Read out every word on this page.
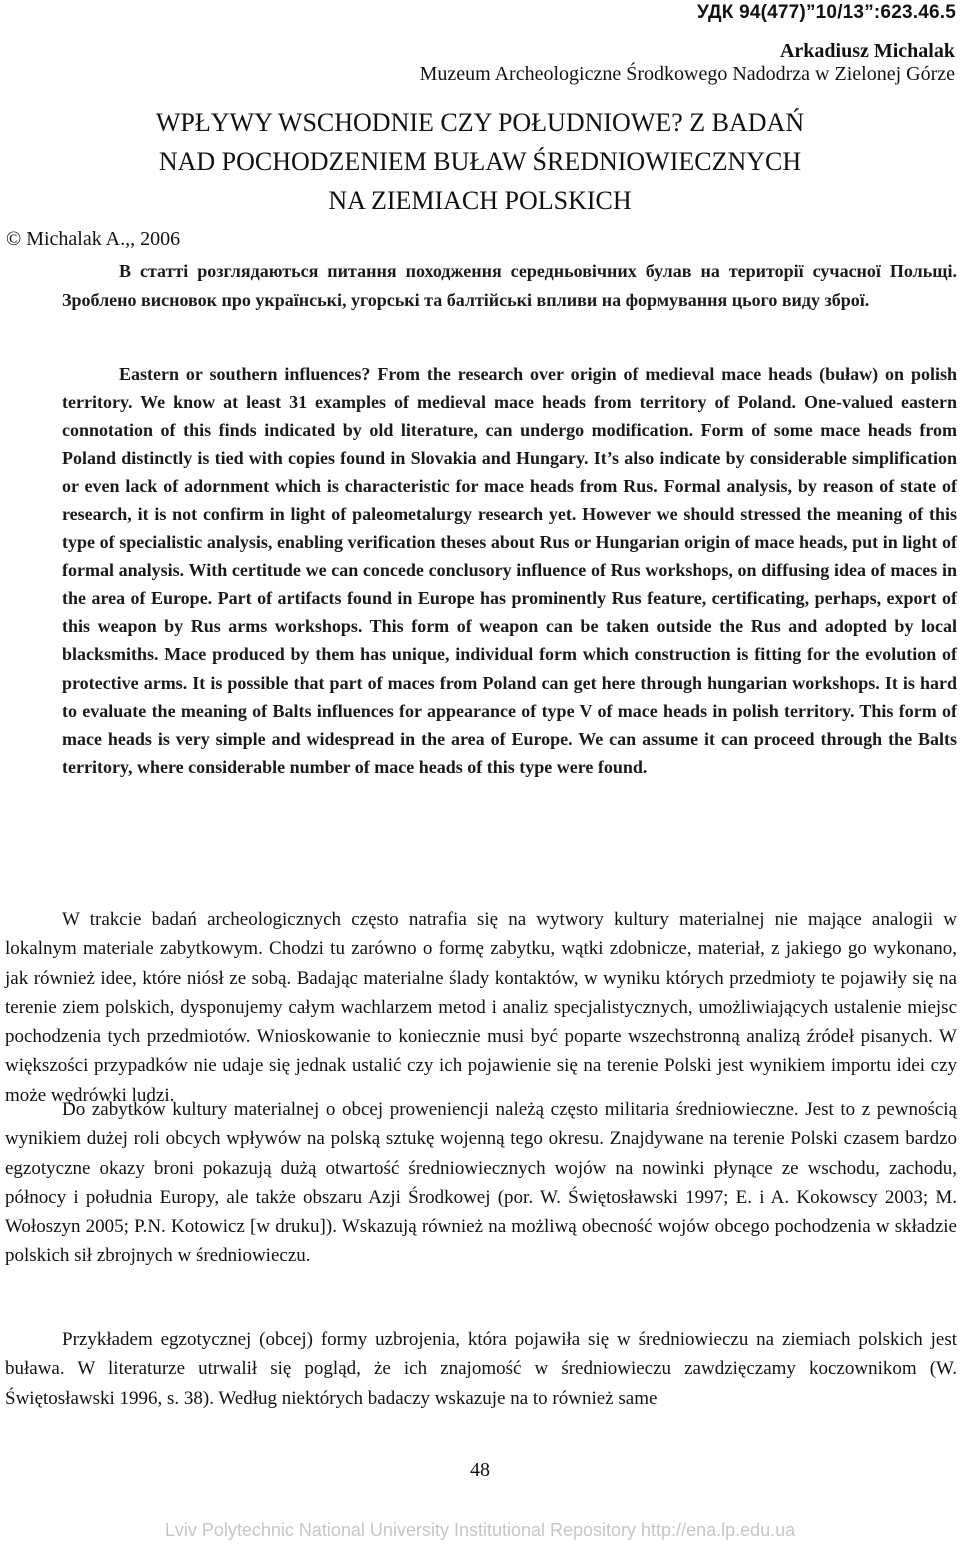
УДК 94(477)”10/13”:623.46.5
Arkadiusz Michalak
Muzeum Archeologiczne Środkowego Nadodrza w Zielonej Górze
WPŁYWY WSCHODNIE CZY POŁUDNIOWE? Z BADAŃ
NAD POCHODZENIEM BUŁAW ŚREDNIOWIECZNYCH
NA ZIEMIACH POLSKICH
© Michalak A.,, 2006
В статті розглядаються питання походження середньовічних булав на території сучасної Польщі. Зроблено висновок про українські, угорські та балтійські впливи на формування цього виду зброї.
Eastern or southern influences? From the research over origin of medieval mace heads (buław) on polish territory. We know at least 31 examples of medieval mace heads from territory of Poland. One-valued eastern connotation of this finds indicated by old literature, can undergo modification. Form of some mace heads from Poland distinctly is tied with copies found in Slovakia and Hungary. It’s also indicate by considerable simplification or even lack of adornment which is characteristic for mace heads from Rus. Formal analysis, by reason of state of research, it is not confirm in light of paleometalurgy research yet. However we should stressed the meaning of this type of specialistic analysis, enabling verification theses about Rus or Hungarian origin of mace heads, put in light of formal analysis. With certitude we can concede conclusory influence of Rus workshops, on diffusing idea of maces in the area of Europe. Part of artifacts found in Europe has prominently Rus feature, certificating, perhaps, export of this weapon by Rus arms workshops. This form of weapon can be taken outside the Rus and adopted by local blacksmiths. Mace produced by them has unique, individual form which construction is fitting for the evolution of protective arms. It is possible that part of maces from Poland can get here through hungarian workshops. It is hard to evaluate the meaning of Balts influences for appearance of type V of mace heads in polish territory. This form of mace heads is very simple and widespread in the area of Europe. We can assume it can proceed through the Balts territory, where considerable number of mace heads of this type were found.
W trakcie badań archeologicznych często natrafia się na wytwory kultury materialnej nie mające analogii w lokalnym materiale zabytkowym. Chodzi tu zarówno o formę zabytku, wątki zdobnicze, materiał, z jakiego go wykonano, jak również idee, które niósł ze sobą. Badając materialne ślady kontaktów, w wyniku których przedmioty te pojawiły się na terenie ziem polskich, dysponujemy całym wachlarzem metod i analiz specjalistycznych, umożliwiających ustalenie miejsc pochodzenia tych przedmiotów. Wnioskowanie to koniecznie musi być poparte wszechstronną analizą źródeł pisanych. W większości przypadków nie udaje się jednak ustalić czy ich pojawienie się na terenie Polski jest wynikiem importu idei czy może wędrówki ludzi.
Do zabytków kultury materialnej o obcej proweniencji należą często militaria średniowieczne. Jest to z pewnością wynikiem dużej roli obcych wpływów na polską sztukę wojenną tego okresu. Znajdywane na terenie Polski czasem bardzo egzotyczne okazy broni pokazują dużą otwartość średniowiecznych wojów na nowinki płynące ze wschodu, zachodu, północy i południa Europy, ale także obszaru Azji Środkowej (por. W. Świętosławski 1997; E. i A. Kokowscy 2003; M. Wołoszyn 2005; P.N. Kotowicz [w druku]). Wskazują również na możliwą obecność wojów obcego pochodzenia w składzie polskich sił zbrojnych w średniowieczu.
Przykładem egzotycznej (obcej) formy uzbrojenia, która pojawiła się w średniowieczu na ziemiach polskich jest buława. W literaturze utrwalił się pogląd, że ich znajomość w średniowieczu zawdzięczamy koczownikom (W. Świętosławski 1996, s. 38). Według niektórych badaczy wskazuje na to również same
48
Lviv Polytechnic National University Institutional Repository http://ena.lp.edu.ua
